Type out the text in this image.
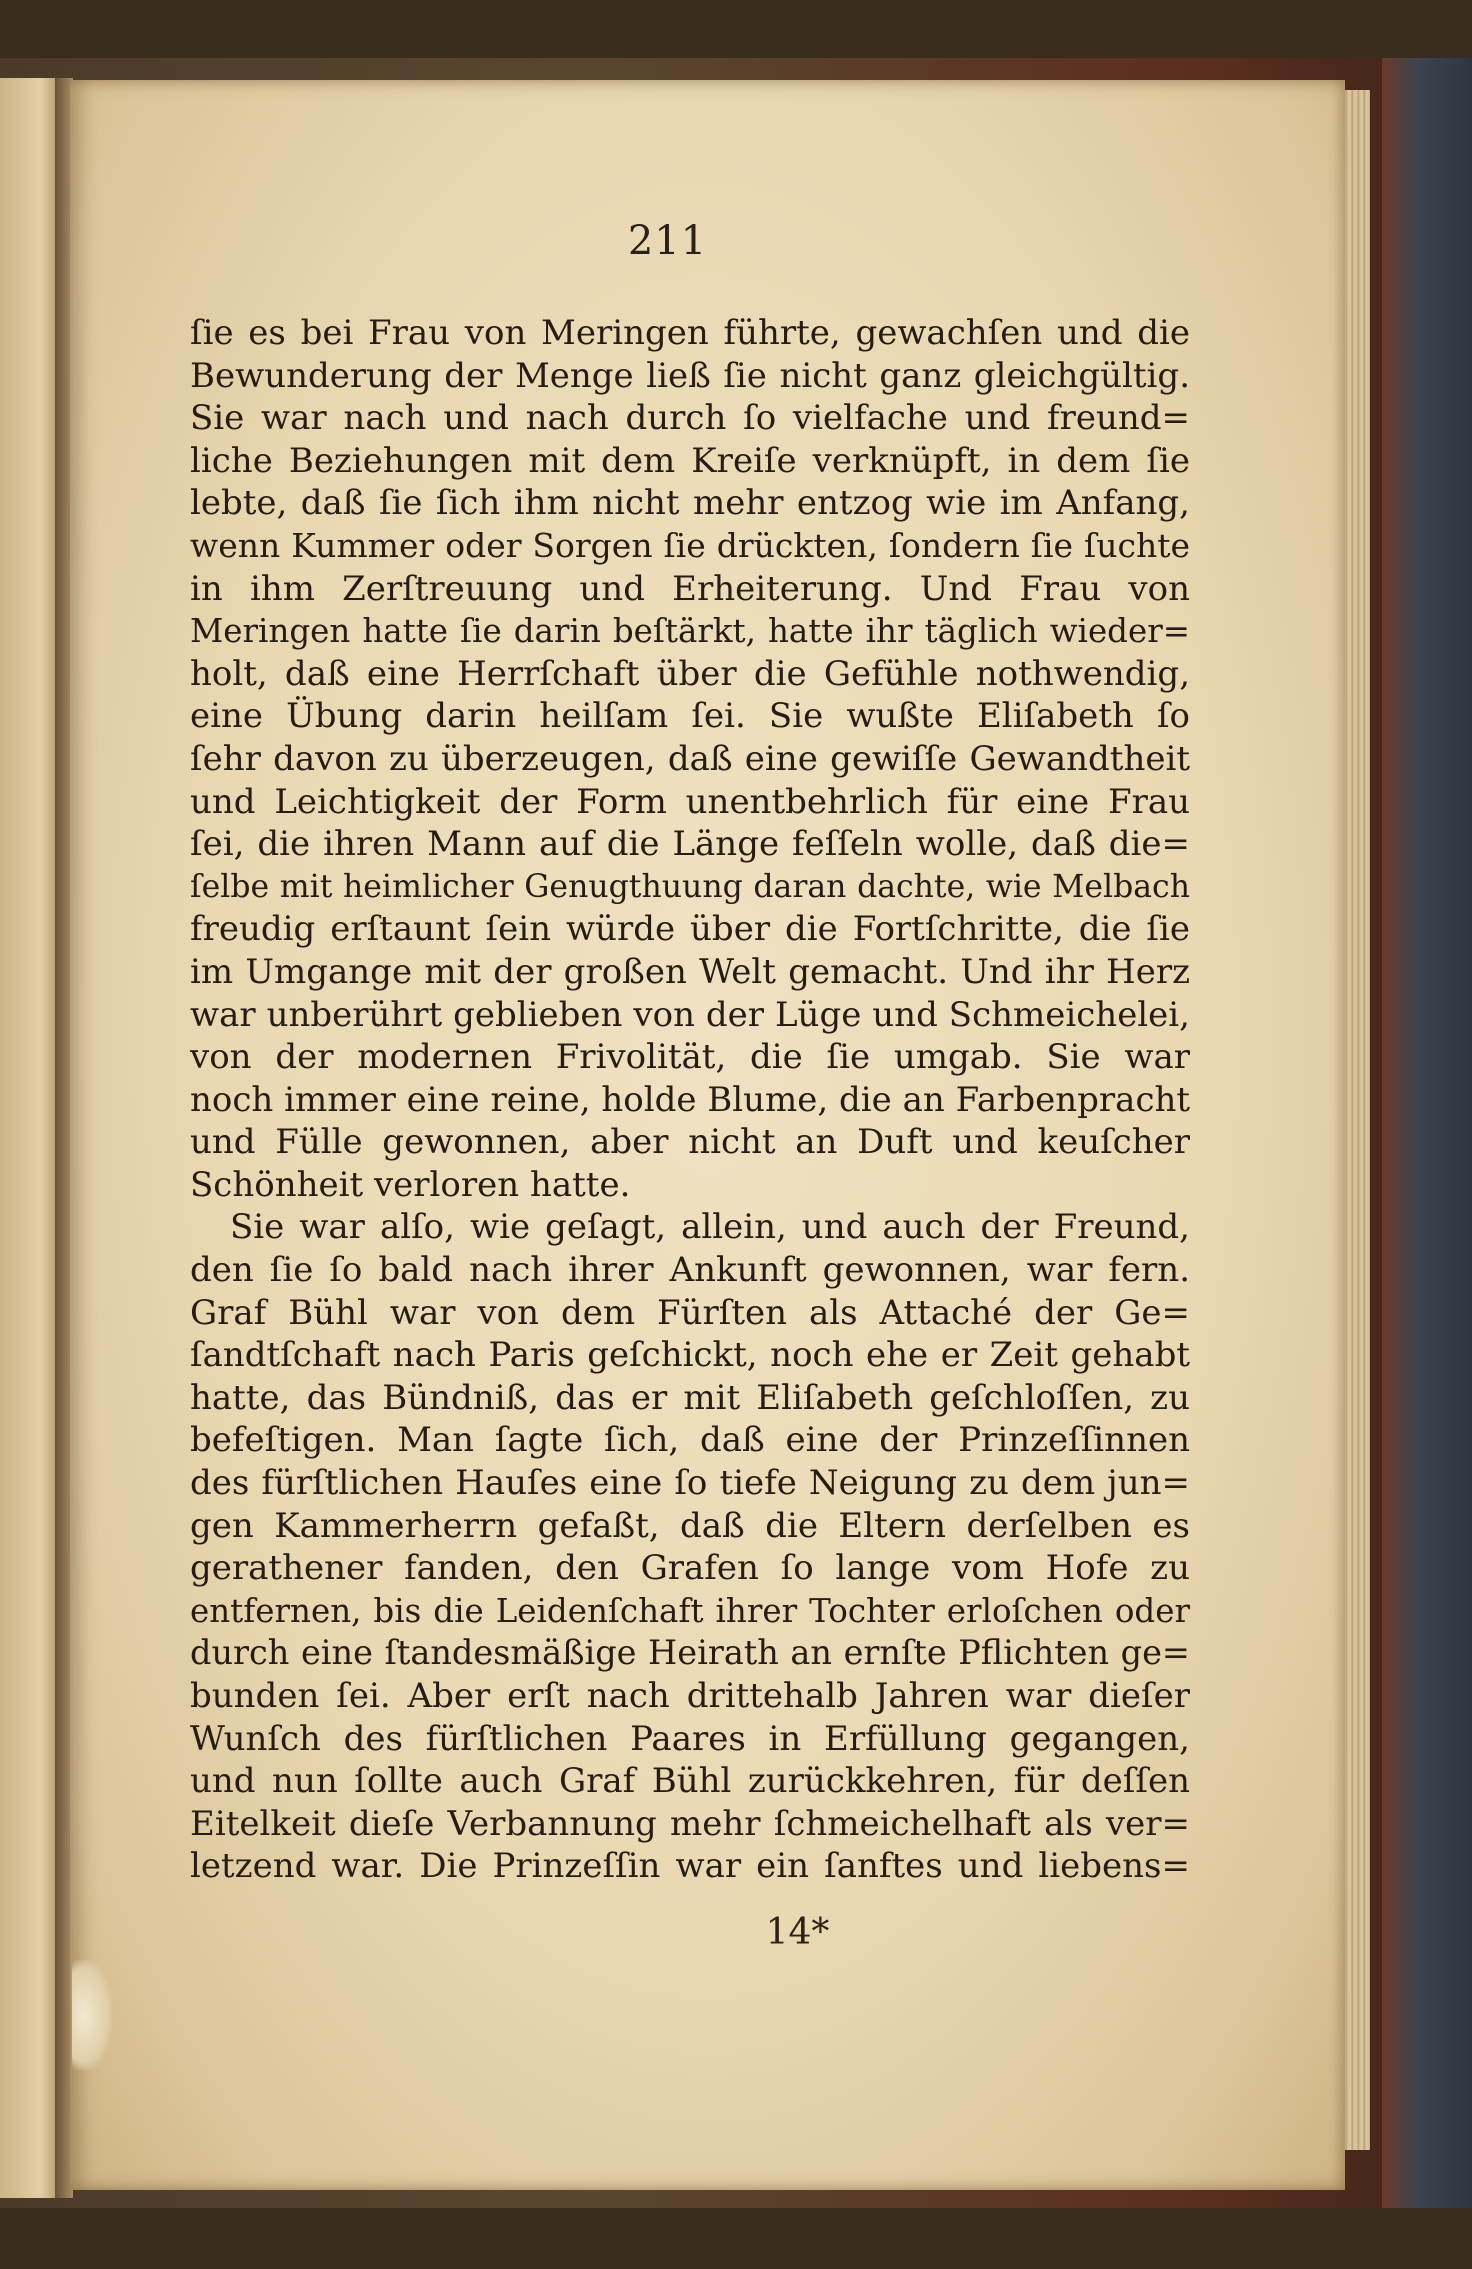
211
ſie es bei Frau von Meringen führte, gewachſen und die
Bewunderung der Menge ließ ſie nicht ganz gleichgültig.
Sie war nach und nach durch ſo vielfache und freund=
liche Beziehungen mit dem Kreiſe verknüpft, in dem ſie
lebte, daß ſie ſich ihm nicht mehr entzog wie im Anfang,
wenn Kummer oder Sorgen ſie drückten, ſondern ſie ſuchte
in ihm Zerſtreuung und Erheiterung. Und Frau von
Meringen hatte ſie darin beſtärkt, hatte ihr täglich wieder=
holt, daß eine Herrſchaft über die Gefühle nothwendig,
eine Übung darin heilſam ſei. Sie wußte Eliſabeth ſo
ſehr davon zu überzeugen, daß eine gewiſſe Gewandtheit
und Leichtigkeit der Form unentbehrlich für eine Frau
ſei, die ihren Mann auf die Länge feſſeln wolle, daß die=
ſelbe mit heimlicher Genugthuung daran dachte, wie Melbach
freudig erſtaunt ſein würde über die Fortſchritte, die ſie
im Umgange mit der großen Welt gemacht. Und ihr Herz
war unberührt geblieben von der Lüge und Schmeichelei,
von der modernen Frivolität, die ſie umgab. Sie war
noch immer eine reine, holde Blume, die an Farbenpracht
und Fülle gewonnen, aber nicht an Duft und keuſcher
Schönheit verloren hatte.
Sie war alſo, wie geſagt, allein, und auch der Freund,
den ſie ſo bald nach ihrer Ankunft gewonnen, war fern.
Graf Bühl war von dem Fürſten als Attaché der Ge=
ſandtſchaft nach Paris geſchickt, noch ehe er Zeit gehabt
hatte, das Bündniß, das er mit Eliſabeth geſchloſſen, zu
befeſtigen. Man ſagte ſich, daß eine der Prinzeſſinnen
des fürſtlichen Hauſes eine ſo tiefe Neigung zu dem jun=
gen Kammerherrn gefaßt, daß die Eltern derſelben es
gerathener fanden, den Grafen ſo lange vom Hofe zu
entfernen, bis die Leidenſchaft ihrer Tochter erloſchen oder
durch eine ſtandesmäßige Heirath an ernſte Pflichten ge=
bunden ſei. Aber erſt nach drittehalb Jahren war dieſer
Wunſch des fürſtlichen Paares in Erfüllung gegangen,
und nun ſollte auch Graf Bühl zurückkehren, für deſſen
Eitelkeit dieſe Verbannung mehr ſchmeichelhaft als ver=
letzend war. Die Prinzeſſin war ein ſanftes und liebens=
14*
